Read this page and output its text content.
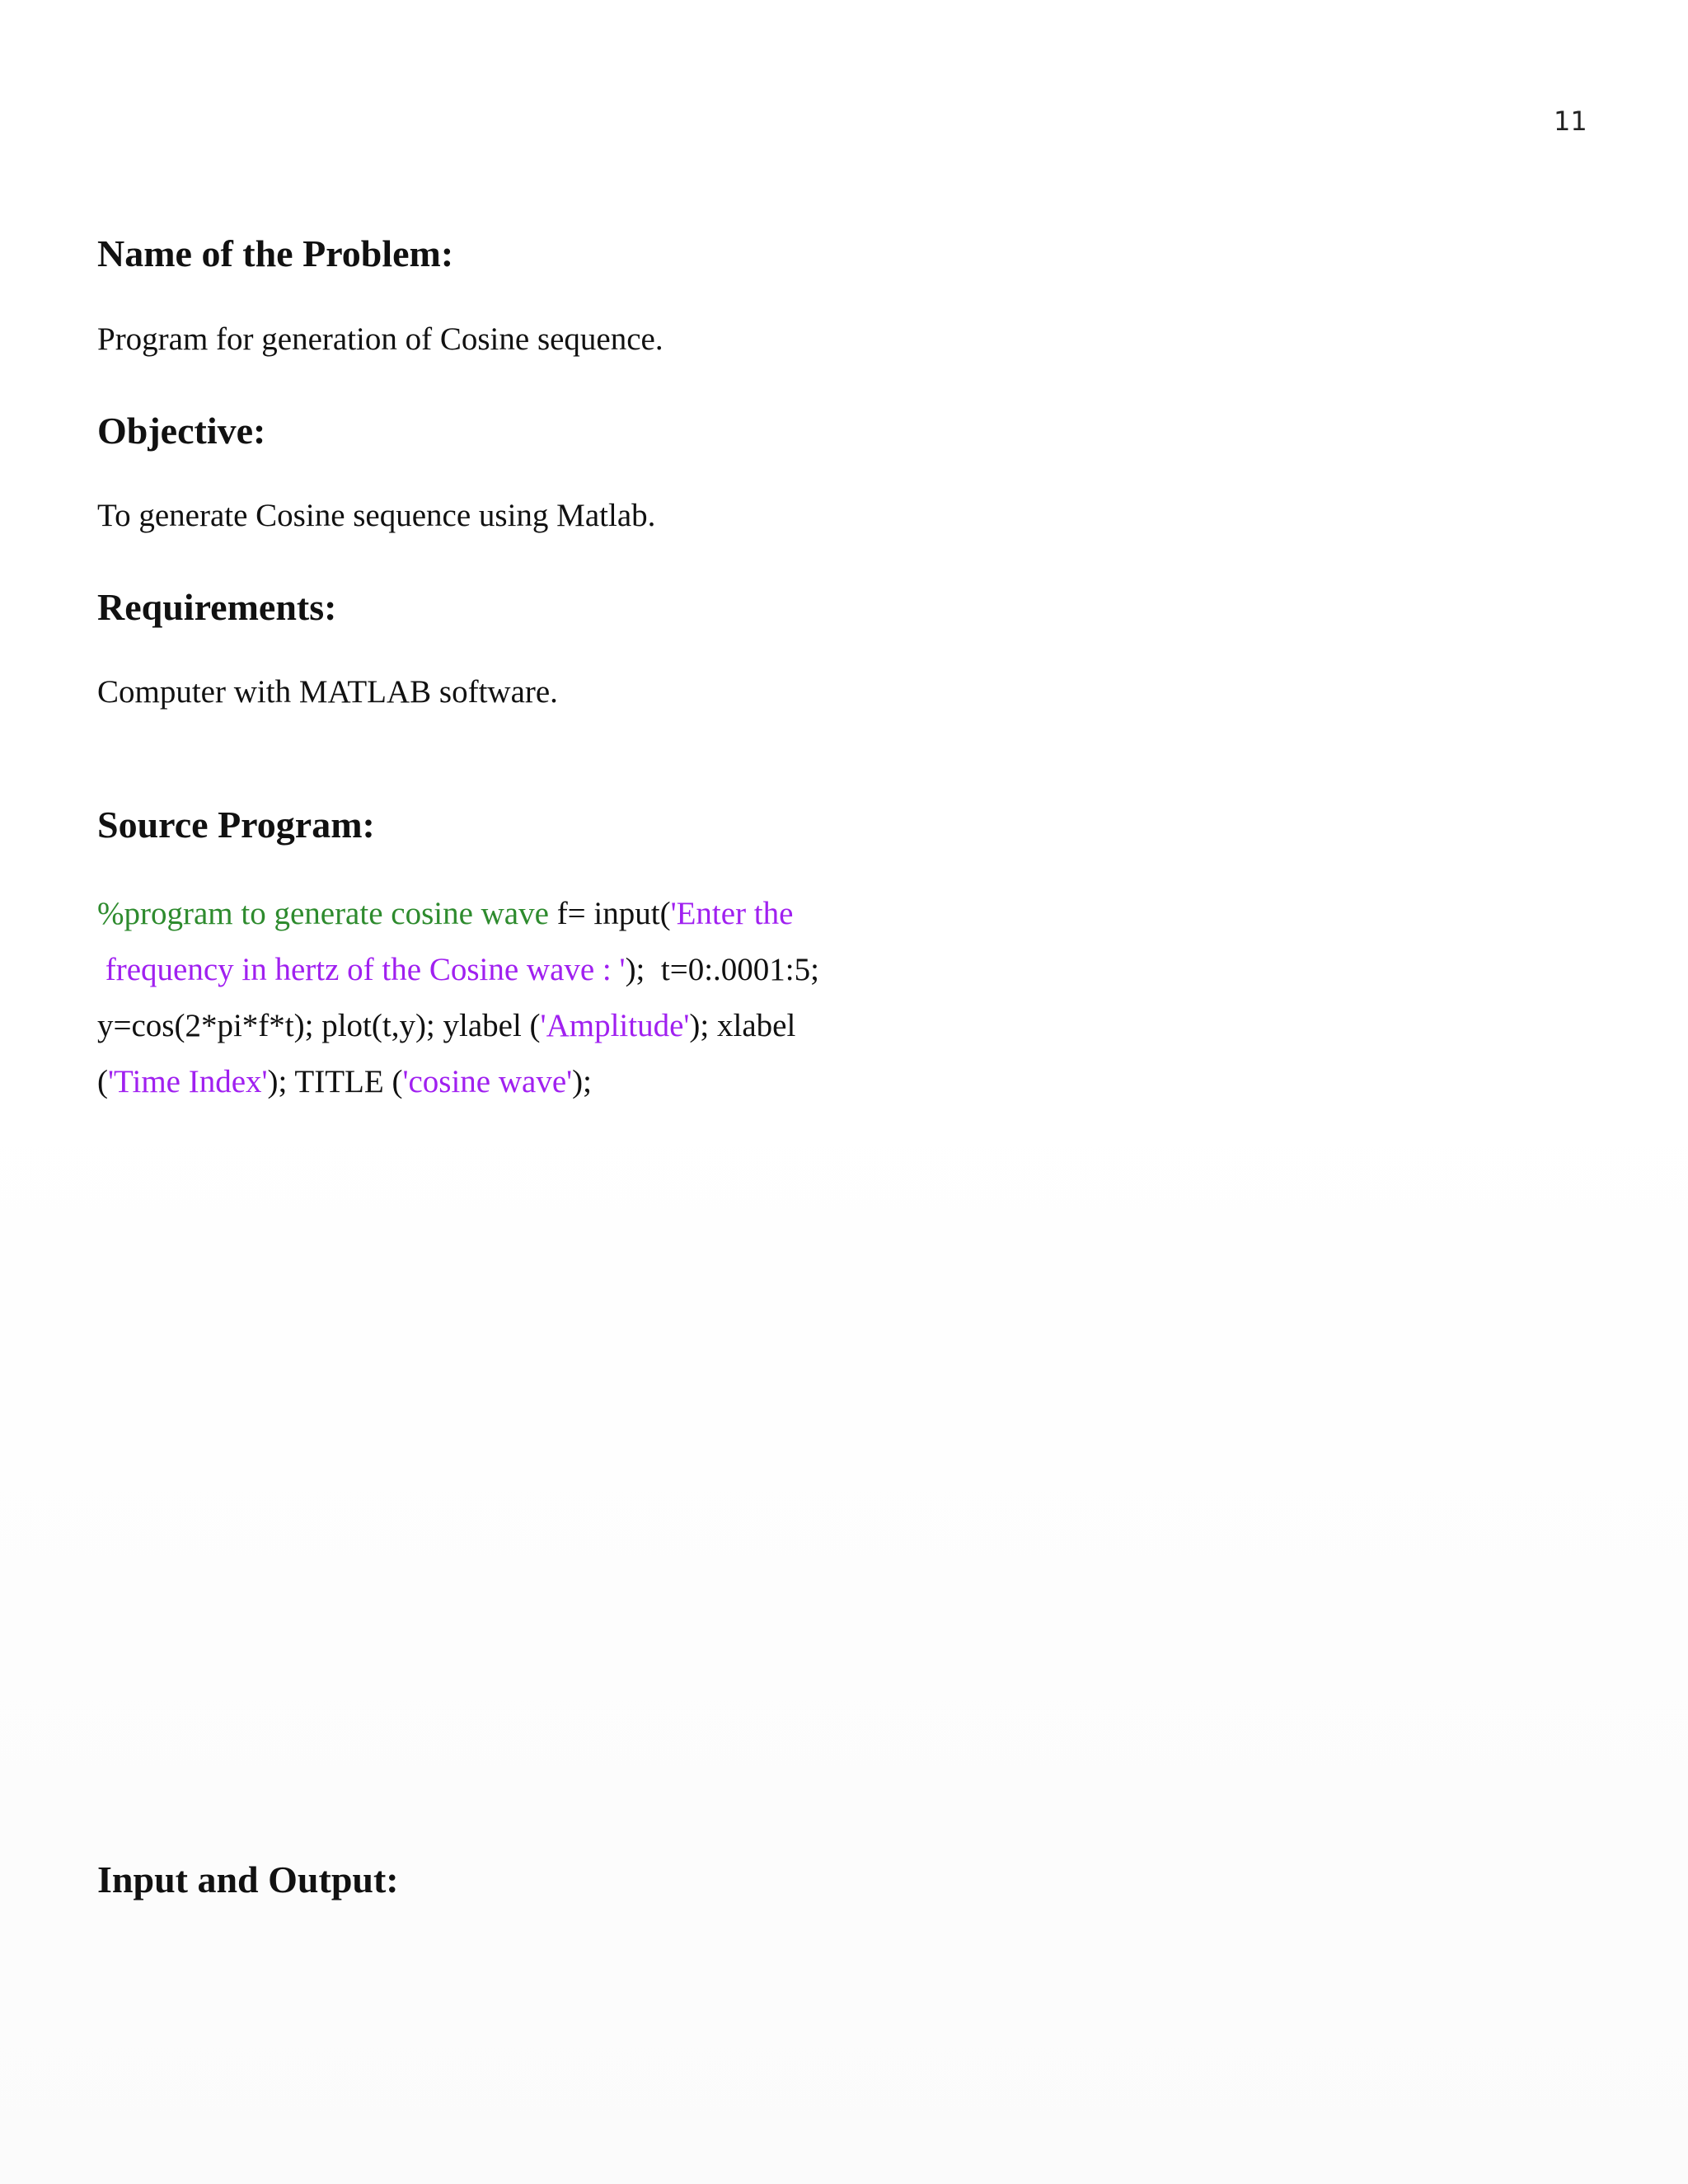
11
Name of the Problem:

Program for generation of Cosine sequence.

Objective:

To generate Cosine sequence using Matlab.

Requirements:

Computer with MATLAB software.

Source Program:
%program to generate cosine wave f= input('Enter the
frequency in hertz of the Cosine wave : ');  t=0:.0001:5;
y=cos(2*pi*f*t); plot(t,y); ylabel ('Amplitude'); xlabel
('Time Index'); TITLE ('cosine wave');
Input and Output:
